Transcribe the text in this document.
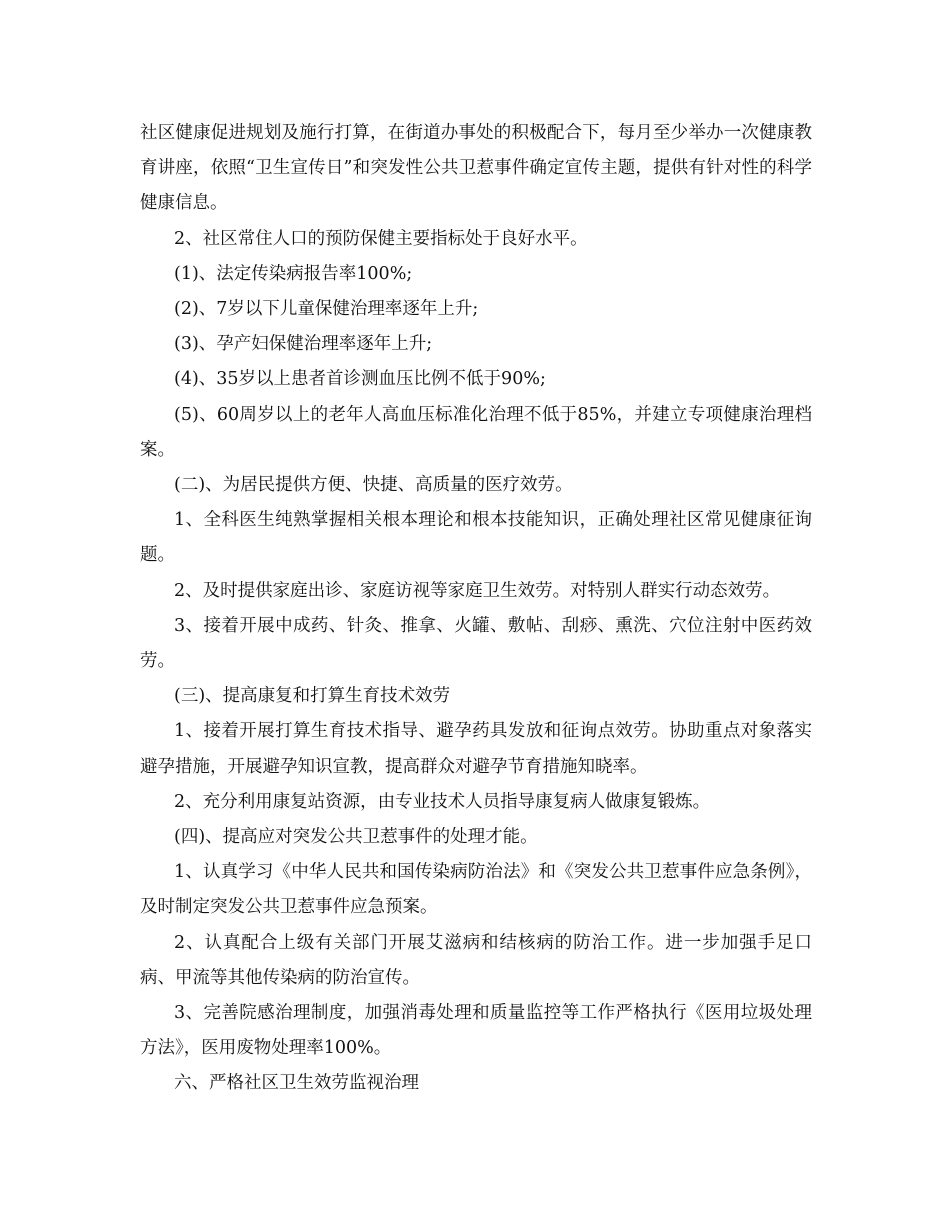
社区健康促进规划及施行打算，在街道办事处的积极配合下，每月至少举办一次健康教育讲座，依照“卫生宣传日”和突发性公共卫惹事件确定宣传主题，提供有针对性的科学健康信息。

2、社区常住人口的预防保健主要指标处于良好水平。

(1)、法定传染病报告率100%;

(2)、7岁以下儿童保健治理率逐年上升;

(3)、孕产妇保健治理率逐年上升;

(4)、35岁以上患者首诊测血压比例不低于90%;

(5)、60周岁以上的老年人高血压标准化治理不低于85%，并建立专项健康治理档案。

(二)、为居民提供方便、快捷、高质量的医疗效劳。

1、全科医生纯熟掌握相关根本理论和根本技能知识，正确处理社区常见健康征询题。

2、及时提供家庭出诊、家庭访视等家庭卫生效劳。对特别人群实行动态效劳。

3、接着开展中成药、针灸、推拿、火罐、敷帖、刮痧、熏洗、穴位注射中医药效劳。

(三)、提高康复和打算生育技术效劳

1、接着开展打算生育技术指导、避孕药具发放和征询点效劳。协助重点对象落实避孕措施，开展避孕知识宣教，提高群众对避孕节育措施知晓率。

2、充分利用康复站资源，由专业技术人员指导康复病人做康复锻炼。

(四)、提高应对突发公共卫惹事件的处理才能。

1、认真学习《中华人民共和国传染病防治法》和《突发公共卫惹事件应急条例》，及时制定突发公共卫惹事件应急预案。

2、认真配合上级有关部门开展艾滋病和结核病的防治工作。进一步加强手足口病、甲流等其他传染病的防治宣传。

3、完善院感治理制度，加强消毒处理和质量监控等工作严格执行《医用垃圾处理方法》，医用废物处理率100%。

六、严格社区卫生效劳监视治理
